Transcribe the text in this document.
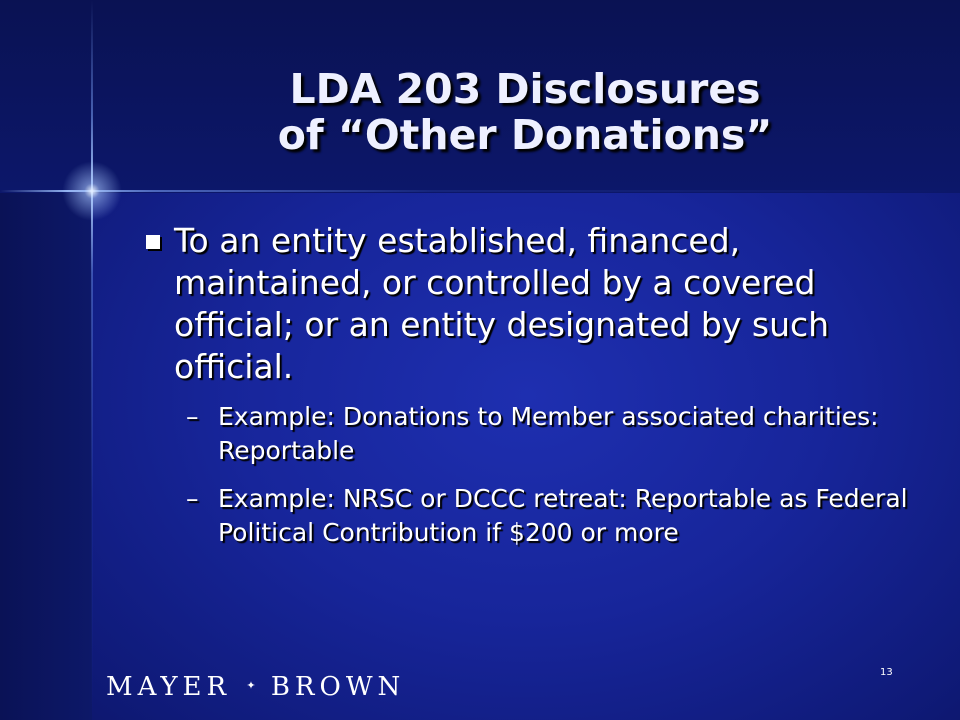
LDA 203 Disclosures
of “Other Donations”
To an entity established, financed, maintained, or controlled by a covered official; or an entity designated by such official.
– Example: Donations to Member associated charities: Reportable
– Example: NRSC or DCCC retreat: Reportable as Federal Political Contribution if $200 or more
MAYER ✦ BROWN	13
